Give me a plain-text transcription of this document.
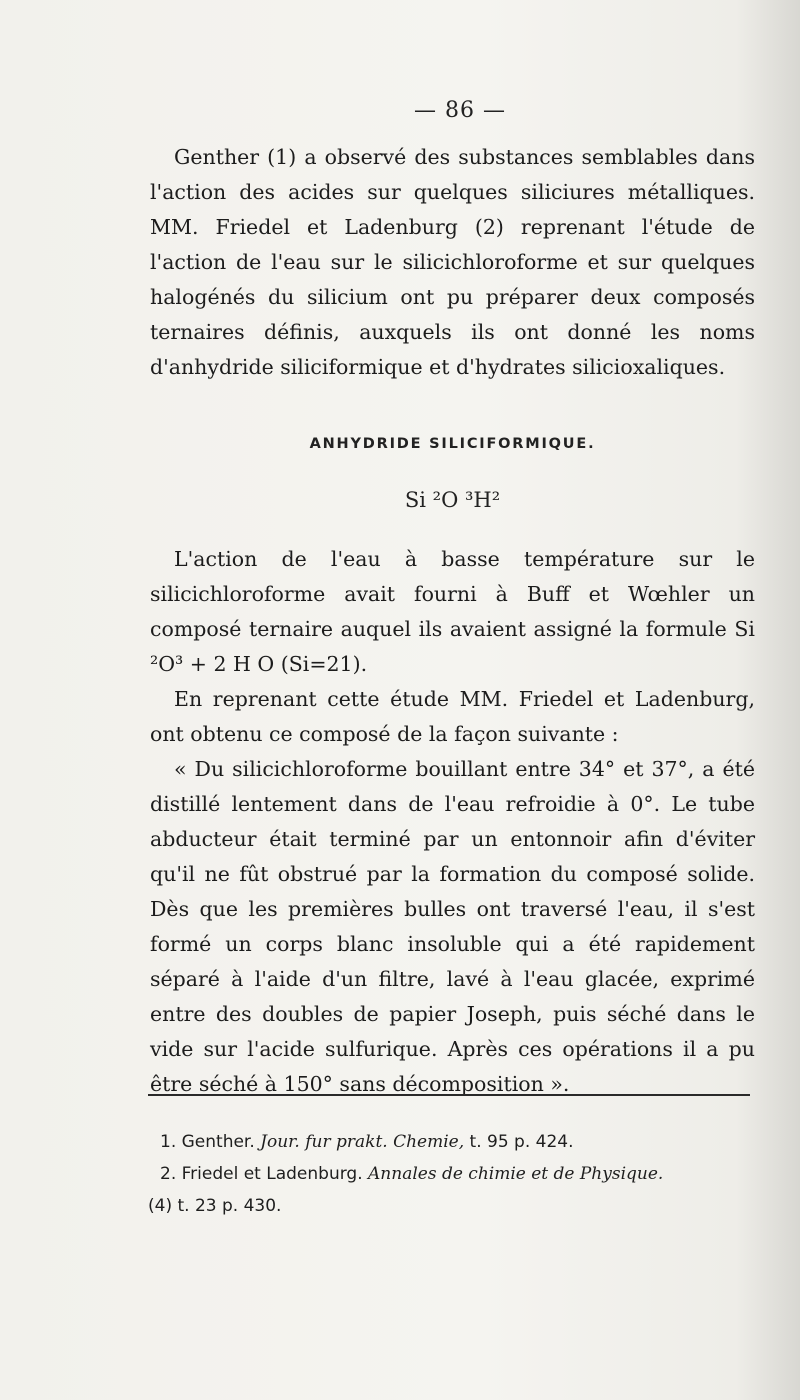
— 86 —

Genther (1) a observé des substances semblables dans l'action des acides sur quelques siliciures métalliques. MM. Friedel et Ladenburg (2) reprenant l'étude de l'action de l'eau sur le silicichloroforme et sur quelques halogénés du silicium ont pu préparer deux composés ternaires définis, auxquels ils ont donné les noms d'anhydride siliciformique et d'hydrates silicioxaliques.

ANHYDRIDE SILICIFORMIQUE.
Si ²O ³H²

L'action de l'eau à basse température sur le silicichloroforme avait fourni à Buff et Wœhler un composé ternaire auquel ils avaient assigné la formule Si ²O³ + 2 H O (Si=21).

En reprenant cette étude MM. Friedel et Ladenburg, ont obtenu ce composé de la façon suivante :

« Du silicichloroforme bouillant entre 34° et 37°, a été distillé lentement dans de l'eau refroidie à 0°. Le tube abducteur était terminé par un entonnoir afin d'éviter qu'il ne fût obstrué par la formation du composé solide. Dès que les premières bulles ont traversé l'eau, il s'est formé un corps blanc insoluble qui a été rapidement séparé à l'aide d'un filtre, lavé à l'eau glacée, exprimé entre des doubles de papier Joseph, puis séché dans le vide sur l'acide sulfurique. Après ces opérations il a pu être séché à 150° sans décomposition ».

1. Genther. Jour. fur prakt. Chemie, t. 95 p. 424.

2. Friedel et Ladenburg. Annales de chimie et de Physique.

(4) t. 23 p. 430.
